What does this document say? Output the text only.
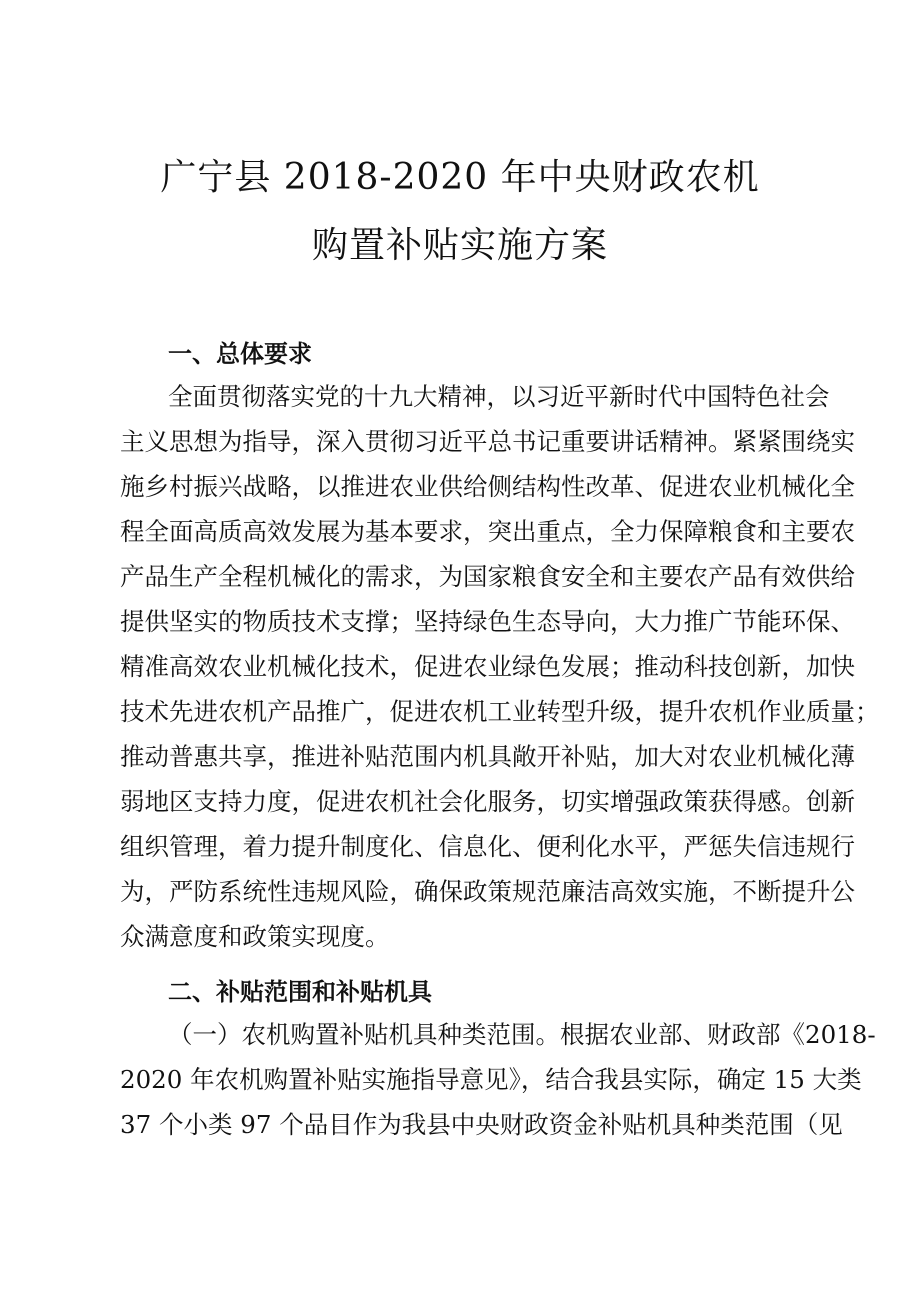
广宁县 2018-2020 年中央财政农机
购置补贴实施方案
一、总体要求
全面贯彻落实党的十九大精神，以习近平新时代中国特色社会
主义思想为指导，深入贯彻习近平总书记重要讲话精神。紧紧围绕实
施乡村振兴战略，以推进农业供给侧结构性改革、促进农业机械化全
程全面高质高效发展为基本要求，突出重点，全力保障粮食和主要农
产品生产全程机械化的需求，为国家粮食安全和主要农产品有效供给
提供坚实的物质技术支撑；坚持绿色生态导向，大力推广节能环保、
精准高效农业机械化技术，促进农业绿色发展；推动科技创新，加快
技术先进农机产品推广，促进农机工业转型升级，提升农机作业质量；
推动普惠共享，推进补贴范围内机具敞开补贴，加大对农业机械化薄
弱地区支持力度，促进农机社会化服务，切实增强政策获得感。创新
组织管理，着力提升制度化、信息化、便利化水平，严惩失信违规行
为，严防系统性违规风险，确保政策规范廉洁高效实施，不断提升公
众满意度和政策实现度。
二、补贴范围和补贴机具
（一）农机购置补贴机具种类范围。根据农业部、财政部《2018-
2020 年农机购置补贴实施指导意见》，结合我县实际，确定 15 大类
37 个小类 97 个品目作为我县中央财政资金补贴机具种类范围（见
